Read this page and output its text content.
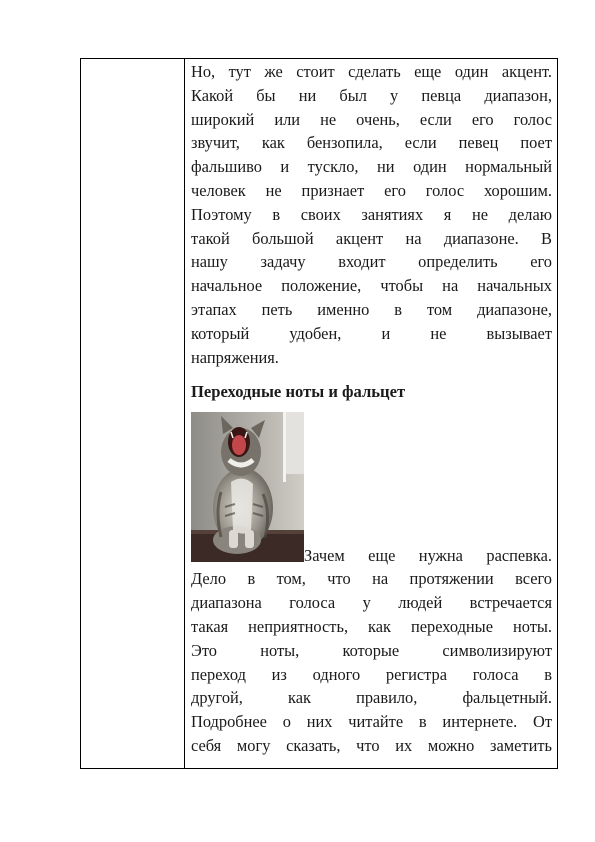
Но, тут же стоит сделать еще один акцент.

Какой бы ни был у певца диапазон,

широкий или не очень, если его голос

звучит, как бензопила, если певец поет

фальшиво и тускло, ни один нормальный

человек не признает его голос хорошим.

Поэтому в своих занятиях я не делаю

такой большой акцент на диапазоне. В

нашу задачу входит определить его

начальное положение, чтобы на начальных

этапах петь именно в том диапазоне,

который удобен, и не вызывает

напряжения.

Переходные ноты и фальцет

Зачем еще нужна распевка.

Дело в том, что на протяжении всего

диапазона голоса у людей встречается

такая неприятность, как переходные ноты.

Это ноты, которые символизируют

переход из одного регистра голоса в

другой, как правило, фальцетный.

Подробнее о них читайте в интернете. От

себя могу сказать, что их можно заметить
